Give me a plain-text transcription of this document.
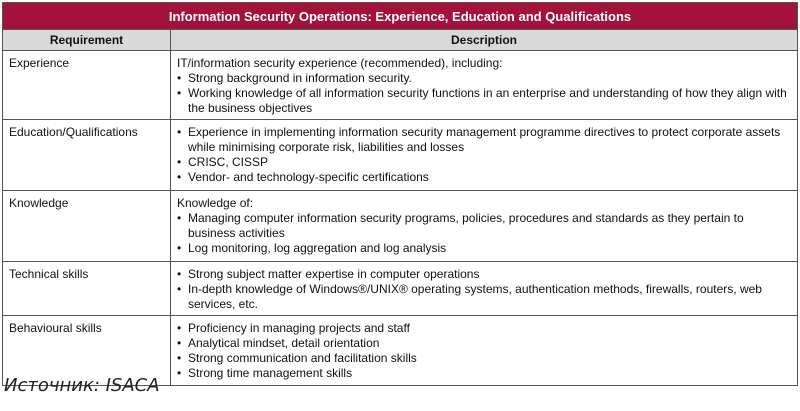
Information Security Operations: Experience, Education and Qualifications	
Requirement	Description
Experience	IT/information security experience (recommended), including:
• Strong background in information security.
• Working knowledge of all information security functions in an enterprise and understanding of how they align with the business objectives

Education/Qualifications	• Experience in implementing information security management programme directives to protect corporate assets while minimising corporate risk, liabilities and losses
• CRISC, CISSP
• Vendor- and technology-specific certifications

Knowledge	Knowledge of:
• Managing computer information security programs, policies, procedures and standards as they pertain to business activities
• Log monitoring, log aggregation and log analysis

Technical skills	• Strong subject matter expertise in computer operations
• In-depth knowledge of Windows®/UNIX® operating systems, authentication methods, firewalls, routers, web services, etc.

Behavioural skills	• Proficiency in managing projects and staff
• Analytical mindset, detail orientation
• Strong communication and facilitation skills
• Strong time management skills
Источник: ISACA
